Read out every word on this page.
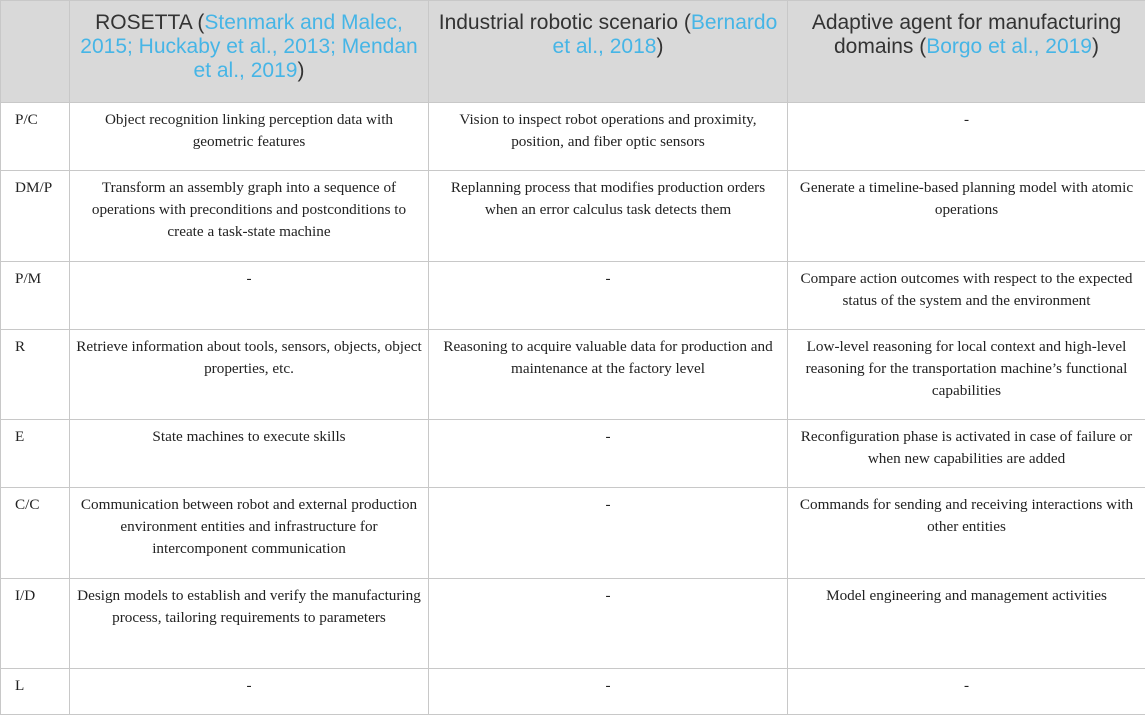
	ROSETTA (Stenmark and Malec, 2015; Huckaby et al., 2013; Mendan et al., 2019)	Industrial robotic scenario (Bernardo et al., 2018)	Adaptive agent for manufacturing domains (Borgo et al., 2019)
P/C	Object recognition linking perception data with geometric features	Vision to inspect robot operations and proximity, position, and fiber optic sensors	-
DM/P	Transform an assembly graph into a sequence of operations with preconditions and postconditions to create a task-state machine	Replanning process that modifies production orders when an error calculus task detects them	Generate a timeline-based planning model with atomic operations
P/M	-	-	Compare action outcomes with respect to the expected status of the system and the environment
R	Retrieve information about tools, sensors, objects, object properties, etc.	Reasoning to acquire valuable data for production and maintenance at the factory level	Low-level reasoning for local context and high-level reasoning for the transportation machine’s functional capabilities
E	State machines to execute skills	-	Reconfiguration phase is activated in case of failure or when new capabilities are added
C/C	Communication between robot and external production environment entities and infrastructure for intercomponent communication	-	Commands for sending and receiving interactions with other entities
I/D	Design models to establish and verify the manufacturing process, tailoring requirements to parameters	-	Model engineering and management activities
L	-	-	-
